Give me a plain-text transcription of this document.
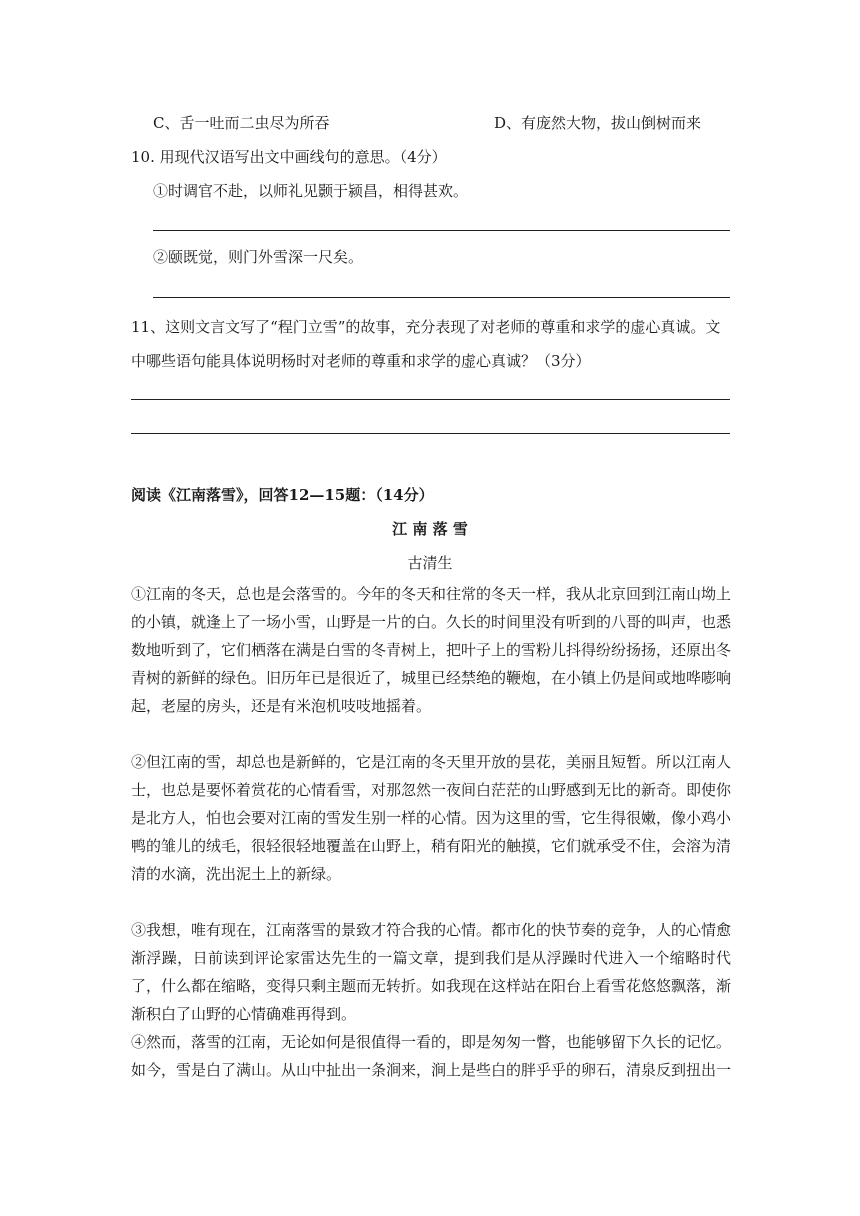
C、舌一吐而二虫尽为所吞	D、有庞然大物，拔山倒树而来
10. 用现代汉语写出文中画线句的意思。（4分）
①时调官不赴，以师礼见颢于颍昌，相得甚欢。
②颐既觉，则门外雪深一尺矣。
11、这则文言文写了“程门立雪”的故事，充分表现了对老师的尊重和求学的虚心真诚。文
中哪些语句能具体说明杨时对老师的尊重和求学的虚心真诚？（3分）
阅读《江南落雪》，回答12—15题：（14分）
江 南 落 雪
古清生
①江南的冬天，总也是会落雪的。今年的冬天和往常的冬天一样，我从北京回到江南山坳上的小镇，就逢上了一场小雪，山野是一片的白。久长的时间里没有听到的八哥的叫声，也悉数地听到了，它们栖落在满是白雪的冬青树上，把叶子上的雪粉儿抖得纷纷扬扬，还原出冬青树的新鲜的绿色。旧历年已是很近了，城里已经禁绝的鞭炮，在小镇上仍是间或地哗嘭响起，老屋的房头，还是有米泡机吱吱地摇着。
②但江南的雪，却总也是新鲜的，它是江南的冬天里开放的昙花，美丽且短暂。所以江南人士，也总是要怀着赏花的心情看雪，对那忽然一夜间白茫茫的山野感到无比的新奇。即使你是北方人，怕也会要对江南的雪发生别一样的心情。因为这里的雪，它生得很嫩，像小鸡小鸭的雏儿的绒毛，很轻很轻地覆盖在山野上，稍有阳光的触摸，它们就承受不住，会溶为清清的水滴，洗出泥土上的新绿。
③我想，唯有现在，江南落雪的景致才符合我的心情。都市化的快节奏的竞争，人的心情愈渐浮躁，日前读到评论家雷达先生的一篇文章，提到我们是从浮躁时代进入一个缩略时代了，什么都在缩略，变得只剩主题而无转折。如我现在这样站在阳台上看雪花悠悠飘落，渐渐积白了山野的心情确难再得到。
④然而，落雪的江南，无论如何是很值得一看的，即是匆匆一瞥，也能够留下久长的记忆。如今，雪是白了满山。从山中扯出一条涧来，涧上是些白的胖乎乎的卵石，清泉反到扭出一
